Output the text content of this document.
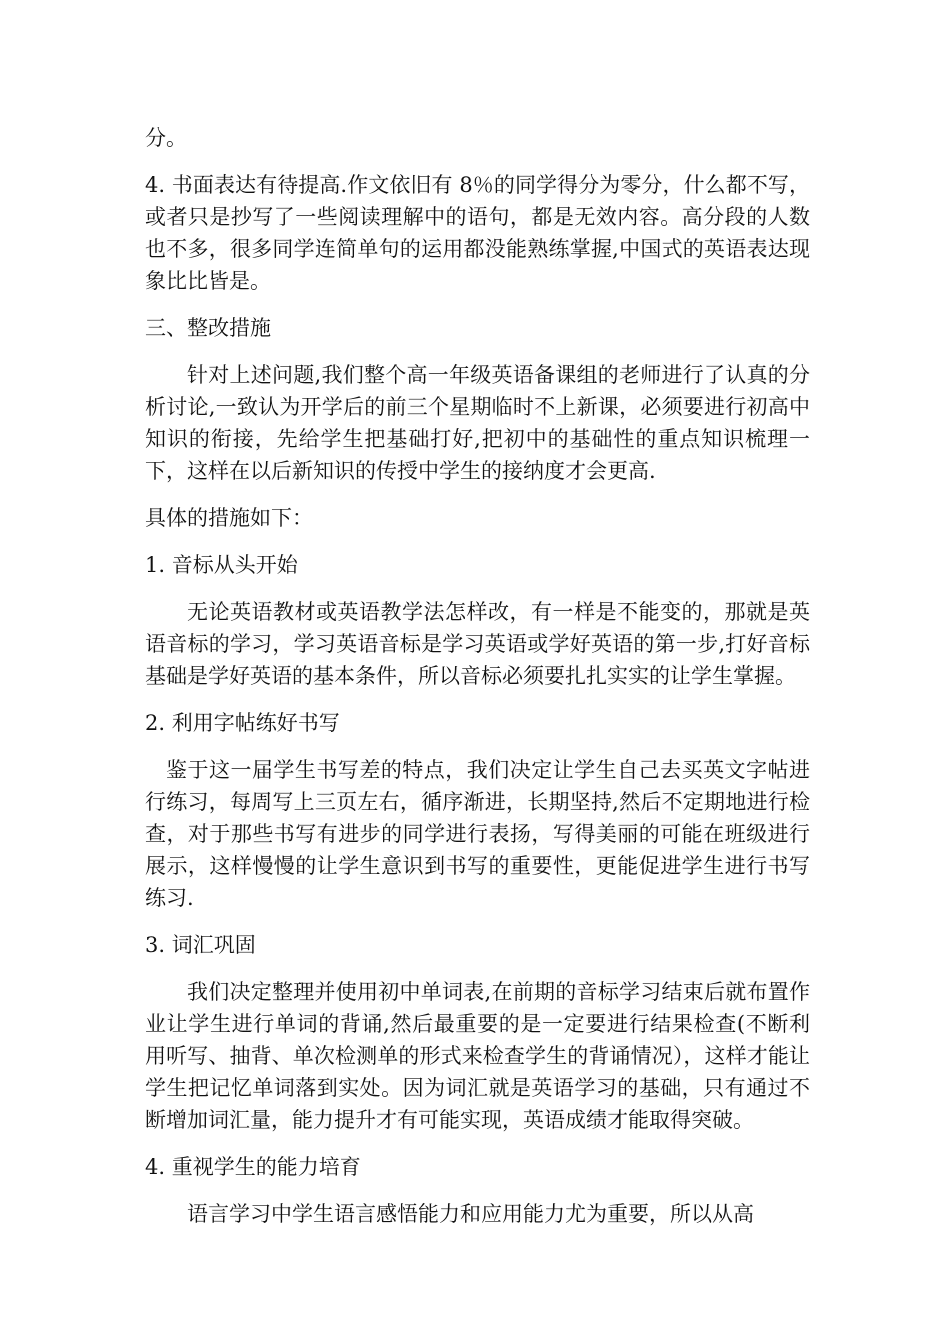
分。

4. 书面表达有待提高.作文依旧有 8％的同学得分为零分，什么都不写，或者只是抄写了一些阅读理解中的语句，都是无效内容。高分段的人数也不多，很多同学连简单句的运用都没能熟练掌握,中国式的英语表达现象比比皆是。

三、整改措施

针对上述问题,我们整个高一年级英语备课组的老师进行了认真的分析讨论,一致认为开学后的前三个星期临时不上新课，必须要进行初高中知识的衔接，先给学生把基础打好,把初中的基础性的重点知识梳理一下，这样在以后新知识的传授中学生的接纳度才会更高.

具体的措施如下：

1. 音标从头开始

无论英语教材或英语教学法怎样改，有一样是不能变的，那就是英语音标的学习，学习英语音标是学习英语或学好英语的第一步,打好音标基础是学好英语的基本条件，所以音标必须要扎扎实实的让学生掌握。

2. 利用字帖练好书写

鉴于这一届学生书写差的特点，我们决定让学生自己去买英文字帖进行练习，每周写上三页左右，循序渐进，长期坚持,然后不定期地进行检查，对于那些书写有进步的同学进行表扬，写得美丽的可能在班级进行展示，这样慢慢的让学生意识到书写的重要性，更能促进学生进行书写练习.

3. 词汇巩固

我们决定整理并使用初中单词表,在前期的音标学习结束后就布置作业让学生进行单词的背诵,然后最重要的是一定要进行结果检查(不断利用听写、抽背、单次检测单的形式来检查学生的背诵情况），这样才能让学生把记忆单词落到实处。因为词汇就是英语学习的基础，只有通过不断增加词汇量，能力提升才有可能实现，英语成绩才能取得突破。

4. 重视学生的能力培育

语言学习中学生语言感悟能力和应用能力尤为重要，所以从高
